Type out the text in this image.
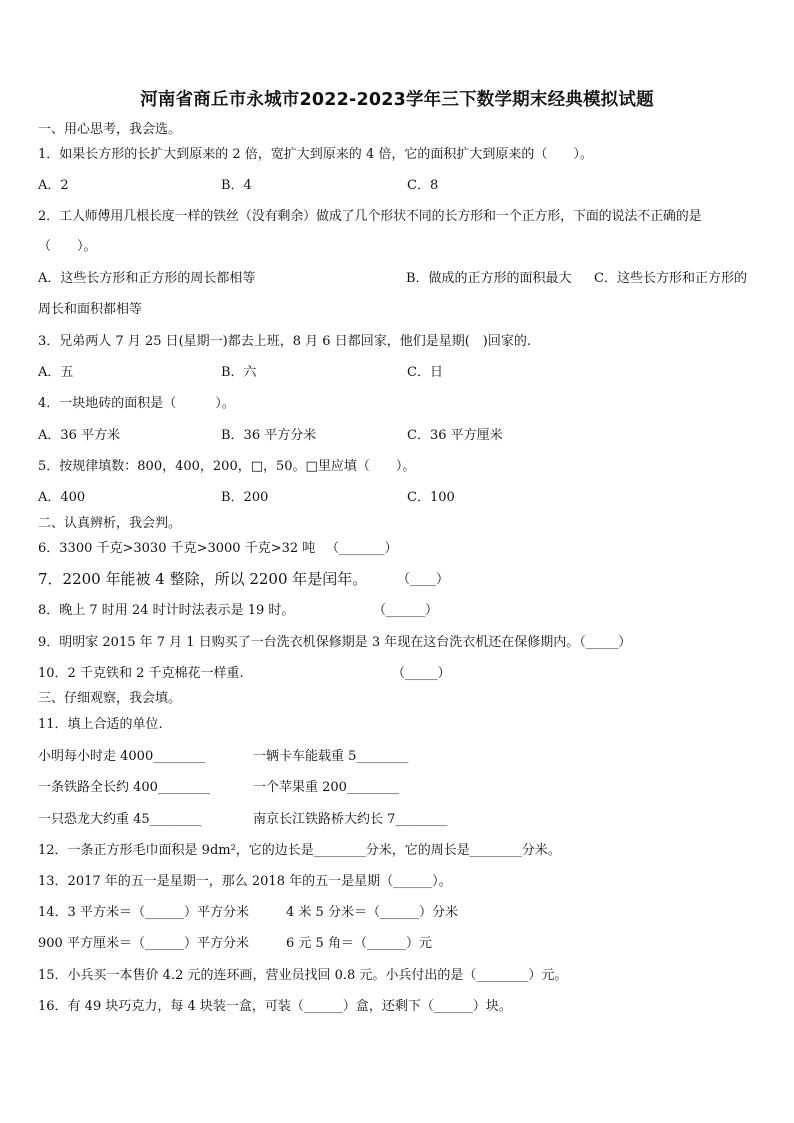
河南省商丘市永城市2022-2023学年三下数学期末经典模拟试题
一、用心思考，我会选。
1．如果长方形的长扩大到原来的 2 倍，宽扩大到原来的 4 倍，它的面积扩大到原来的（　　）。
A．2	B．4	C．8
2．工人师傅用几根长度一样的铁丝（没有剩余）做成了几个形状不同的长方形和一个正方形，下面的说法不正确的是
（　　）。
A．这些长方形和正方形的周长都相等	B．做成的正方形的面积最大 C．这些长方形和正方形的
周长和面积都相等
3．兄弟两人 7 月 25 日(星期一)都去上班，8 月 6 日都回家，他们是星期(　)回家的.
A．五	B．六	C．日
4．一块地砖的面积是（　　　）。
A．36 平方米	B．36 平方分米	C．36 平方厘米
5．按规律填数：800，400，200，□，50。□里应填（　　）。
A．400	B．200	C．100
二、认真辨析，我会判。
6．3300 千克>3030 千克>3000 千克>32 吨 （_______）
7．2200 年能被 4 整除，所以 2200 年是闰年。 （____）
8．晚上 7 时用 24 时计时法表示是 19 时。	（______）
9．明明家 2015 年 7 月 1 日购买了一台洗衣机保修期是 3 年现在这台洗衣机还在保修期内。（_____）
10．2 千克铁和 2 千克棉花一样重.	（_____）
三、仔细观察，我会填。
11．填上合适的单位.
小明每小时走 4000________	一辆卡车能载重 5________
一条铁路全长约 400________	一个苹果重 200________
一只恐龙大约重 45________	南京长江铁路桥大约长 7________
12．一条正方形毛巾面积是 9dm²，它的边长是________分米，它的周长是________分米。
13．2017 年的五一是星期一，那么 2018 年的五一是星期（______）。
14．3 平方米＝（______）平方分米	4 米 5 分米＝（______）分米
900 平方厘米＝（______）平方分米	6 元 5 角＝（______）元
15．小兵买一本售价 4.2 元的连环画，营业员找回 0.8 元。小兵付出的是（________）元。
16．有 49 块巧克力，每 4 块装一盒，可装（______）盒，还剩下（______）块。
